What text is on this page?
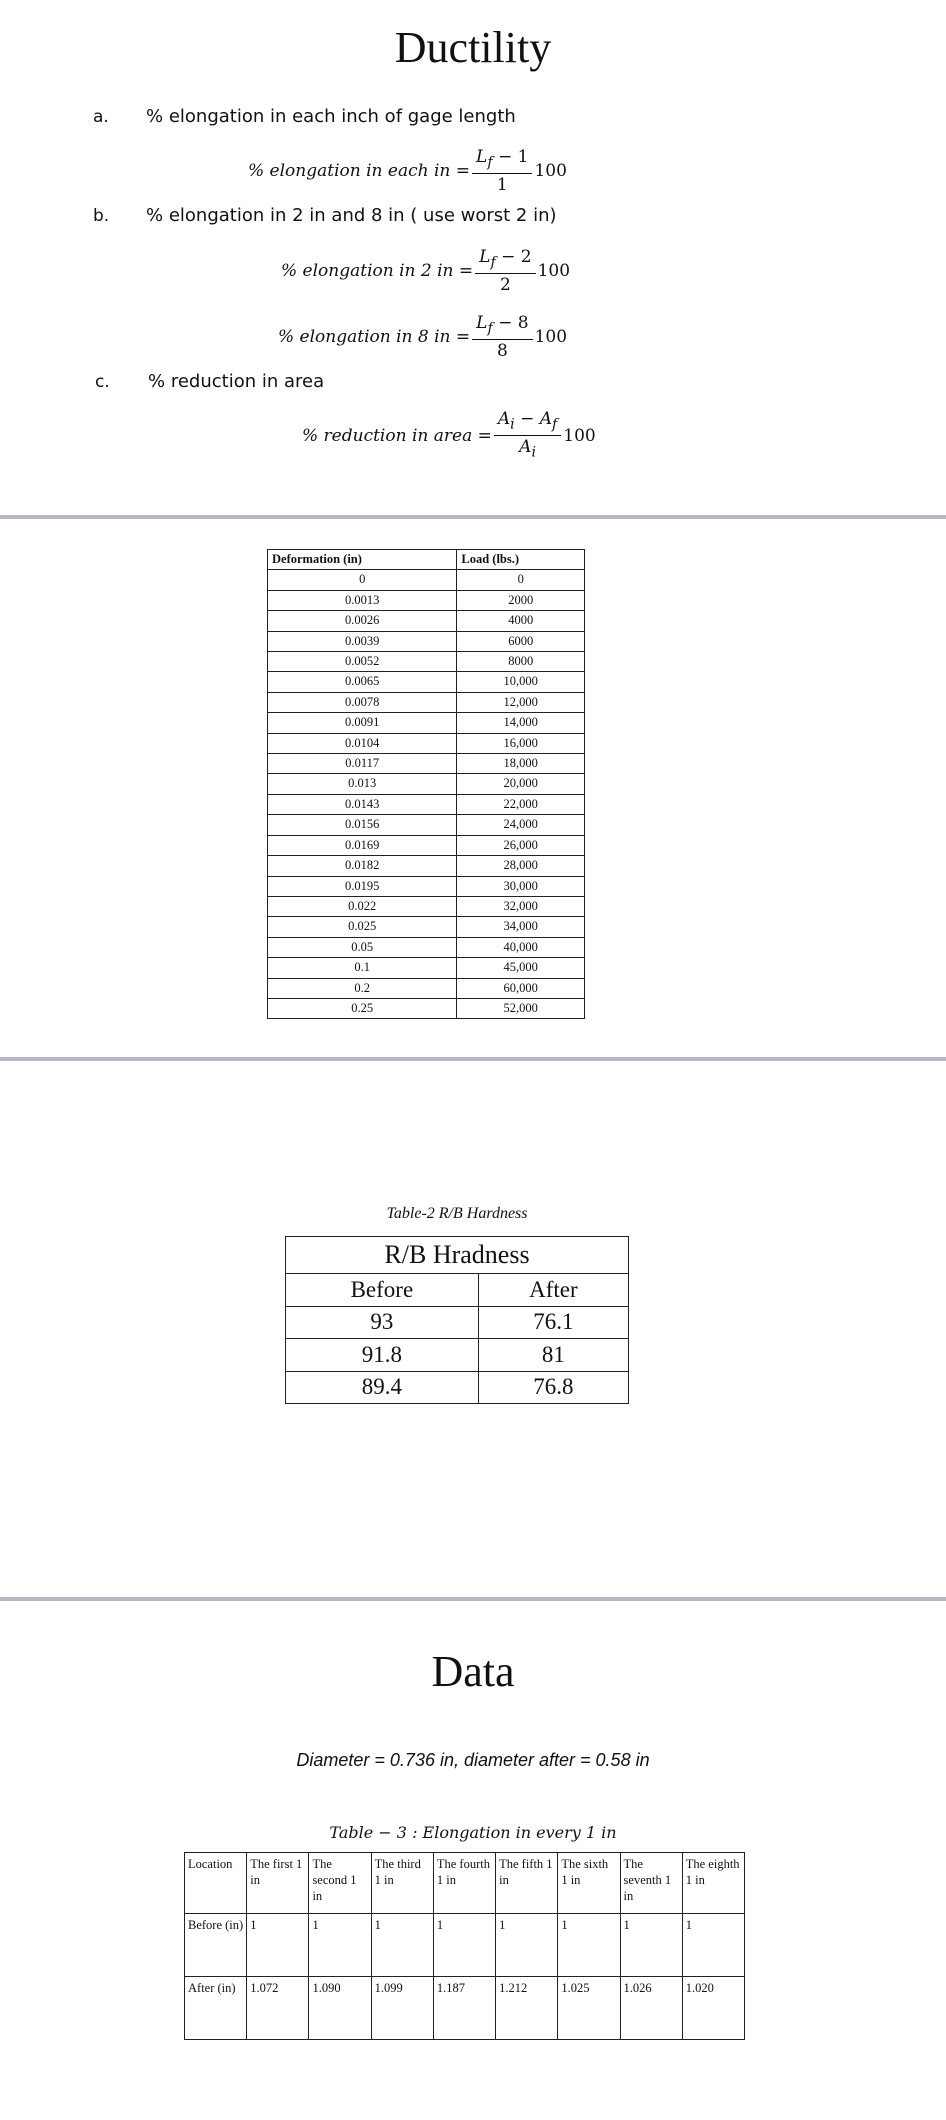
Ductility
a. % elongation in each inch of gage length
% elongation in each in = $\frac{L_f - 1}{1} 100$
b. % elongation in 2 in and 8 in ( use worst 2 in)
% elongation in 2 in = $\frac{L_f - 2}{2} 100$
% elongation in 8 in = $\frac{L_f - 8}{8} 100$
c. % reduction in area
% reduction in area = $\frac{A_i - A_f}{A_i} 100$
Deformation (in)	Load (lbs.)
0	0
0.0013	2000
0.0026	4000
0.0039	6000
0.0052	8000
0.0065	10,000
0.0078	12,000
0.0091	14,000
0.0104	16,000
0.0117	18,000
0.013	20,000
0.0143	22,000
0.0156	24,000
0.0169	26,000
0.0182	28,000
0.0195	30,000
0.022	32,000
0.025	34,000
0.05	40,000
0.1	45,000
0.2	60,000
0.25	52,000
Table-2 R/B Hardness
R/B Hradness	
Before	After
93	76.1
91.8	81
89.4	76.8
Data
Diameter = 0.736 in, diameter after = 0.58 in
Table − 3 : Elongation in every 1 in
Location	The first 1 in	The second 1 in	The third 1 in	The fourth 1 in	The fifth 1 in	The sixth 1 in	The seventh 1 in	The eighth 1 in
Before (in)	1	1	1	1	1	1	1	1
After (in)	1.072	1.090	1.099	1.187	1.212	1.025	1.026	1.020
